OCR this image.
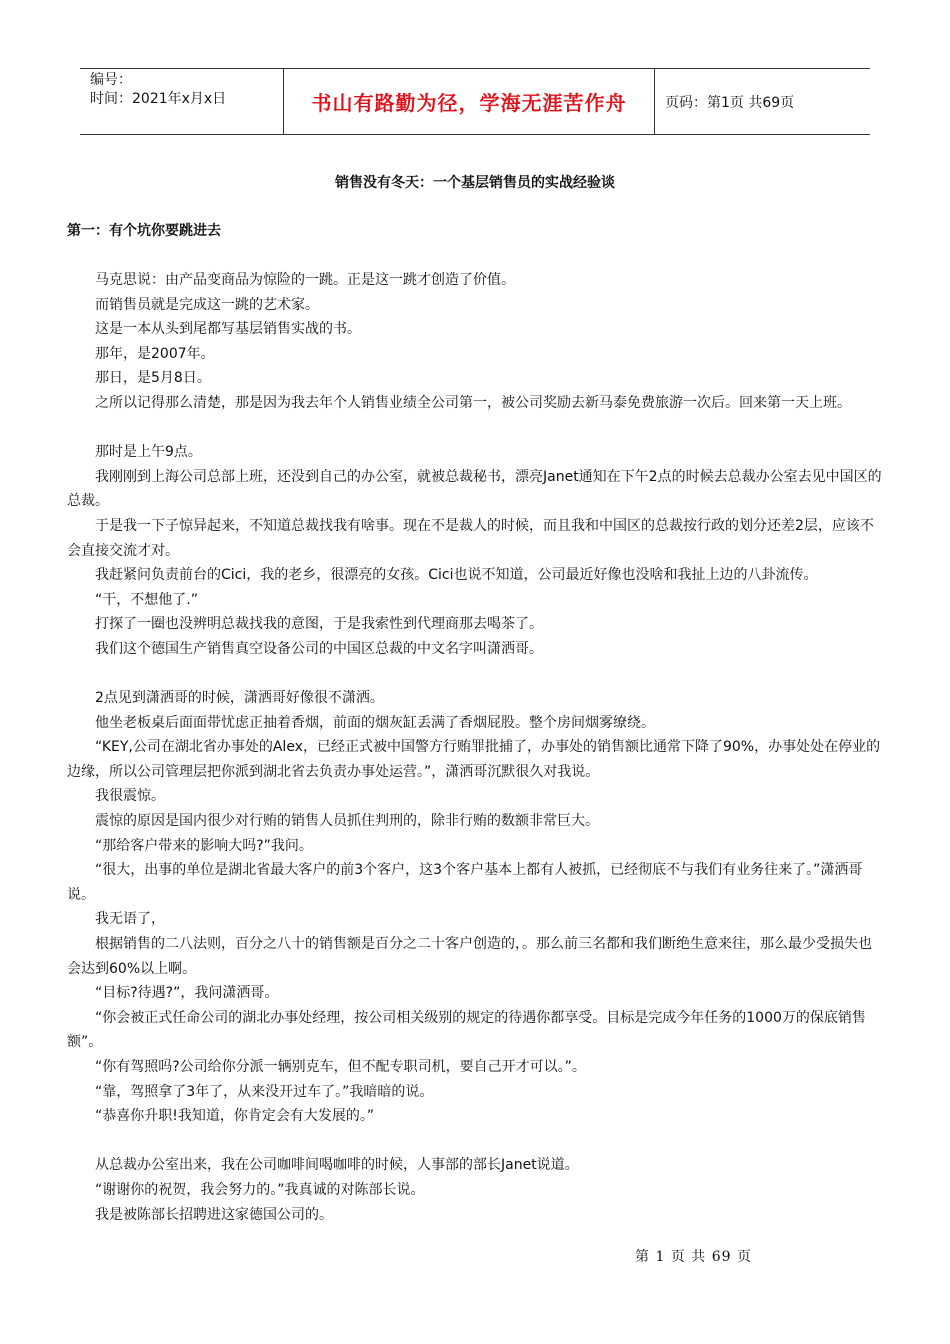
编号：
时间：2021年x月x日	书山有路勤为径，学海无涯苦作舟	页码：第1页 共69页
销售没有冬天：一个基层销售员的实战经验谈
第一：有个坑你要跳进去

马克思说：由产品变商品为惊险的一跳。正是这一跳才创造了价值。

而销售员就是完成这一跳的艺术家。

这是一本从头到尾都写基层销售实战的书。

那年，是2007年。

那日，是5月8日。

之所以记得那么清楚，那是因为我去年个人销售业绩全公司第一，被公司奖励去新马泰免费旅游一次后。回来第一天上班。

那时是上午9点。

我刚刚到上海公司总部上班，还没到自己的办公室，就被总裁秘书，漂亮Janet通知在下午2点的时候去总裁办公室去见中国区的总裁。

于是我一下子惊异起来，不知道总裁找我有啥事。现在不是裁人的时候，而且我和中国区的总裁按行政的划分还差2层，应该不会直接交流才对。

我赶紧问负责前台的Cici，我的老乡，很漂亮的女孩。Cici也说不知道，公司最近好像也没啥和我扯上边的八卦流传。

“干，不想他了.”

打探了一圈也没辨明总裁找我的意图，于是我索性到代理商那去喝茶了。

我们这个德国生产销售真空设备公司的中国区总裁的中文名字叫潇洒哥。

2点见到潇洒哥的时候，潇洒哥好像很不潇洒。

他坐老板桌后面面带忧虑正抽着香烟，前面的烟灰缸丢满了香烟屁股。整个房间烟雾缭绕。

“KEY,公司在湖北省办事处的Alex，已经正式被中国警方行贿罪批捕了，办事处的销售额比通常下降了90%，办事处处在停业的边缘，所以公司管理层把你派到湖北省去负责办事处运营。”，潇洒哥沉默很久对我说。

我很震惊。

震惊的原因是国内很少对行贿的销售人员抓住判刑的，除非行贿的数额非常巨大。

“那给客户带来的影响大吗?”我问。

“很大，出事的单位是湖北省最大客户的前3个客户，这3个客户基本上都有人被抓，已经彻底不与我们有业务往来了。”潇洒哥说。

我无语了，

根据销售的二八法则，百分之八十的销售额是百分之二十客户创造的，。那么前三名都和我们断绝生意来往，那么最少受损失也会达到60%以上啊。

“目标?待遇?”，我问潇洒哥。

“你会被正式任命公司的湖北办事处经理，按公司相关级别的规定的待遇你都享受。目标是完成今年任务的1000万的保底销售额”。

“你有驾照吗?公司给你分派一辆别克车，但不配专职司机，要自己开才可以。”。

“靠，驾照拿了3年了，从来没开过车了。”我暗暗的说。

“恭喜你升职!我知道，你肯定会有大发展的。”

从总裁办公室出来，我在公司咖啡间喝咖啡的时候，人事部的部长Janet说道。

“谢谢你的祝贺，我会努力的。”我真诚的对陈部长说。

我是被陈部长招聘进这家德国公司的。

第 1 页 共 69 页
